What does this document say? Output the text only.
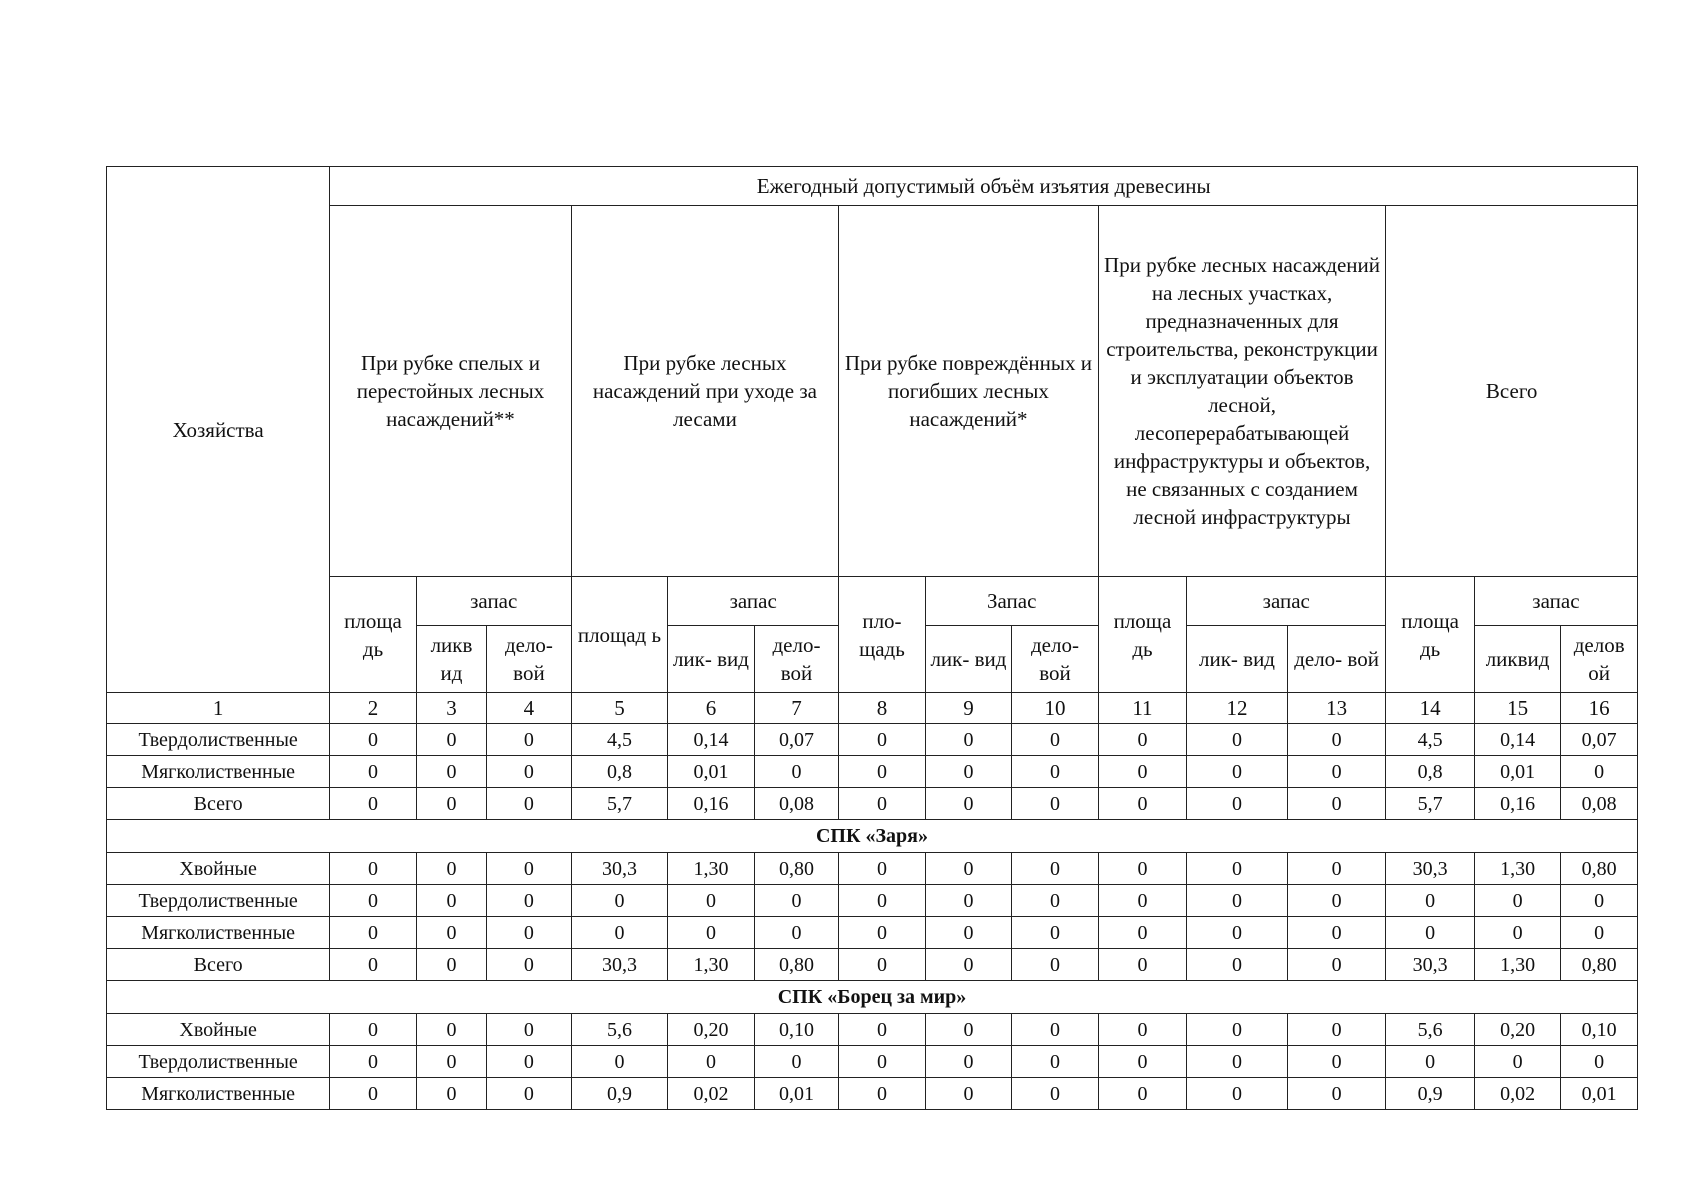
Хозяйства	Ежегодный допустимый объём изъятия древесины														
	При рубке спелых и перестойных лесных насаждений**			При рубке лесных насаждений при уходе за лесами			При рубке повреждённых и погибших лесных насаждений*			При рубке лесных насаждений на лесных участках, предназначенных для строительства, реконструкции и эксплуатации объектов лесной, лесоперерабатывающей инфраструктуры и объектов, не связанных с созданием лесной инфраструктуры			Всего		
	площа дь	запас		площад ь	запас		пло- щадь	Запас		площа дь	запас		площа дь	запас	
		ликв ид	дело- вой		лик- вид	дело- вой		лик- вид	дело- вой		лик- вид	дело- вой		ликвид	делов ой
1	2	3	4	5	6	7	8	9	10	11	12	13	14	15	16
Твердолиственные	0	0	0	4,5	0,14	0,07	0	0	0	0	0	0	4,5	0,14	0,07
Мягколиственные	0	0	0	0,8	0,01	0	0	0	0	0	0	0	0,8	0,01	0
Всего	0	0	0	5,7	0,16	0,08	0	0	0	0	0	0	5,7	0,16	0,08
СПК «Заря»															
Хвойные	0	0	0	30,3	1,30	0,80	0	0	0	0	0	0	30,3	1,30	0,80
Твердолиственные	0	0	0	0	0	0	0	0	0	0	0	0	0	0	0
Мягколиственные	0	0	0	0	0	0	0	0	0	0	0	0	0	0	0
Всего	0	0	0	30,3	1,30	0,80	0	0	0	0	0	0	30,3	1,30	0,80
СПК «Борец за мир»															
Хвойные	0	0	0	5,6	0,20	0,10	0	0	0	0	0	0	5,6	0,20	0,10
Твердолиственные	0	0	0	0	0	0	0	0	0	0	0	0	0	0	0
Мягколиственные	0	0	0	0,9	0,02	0,01	0	0	0	0	0	0	0,9	0,02	0,01
